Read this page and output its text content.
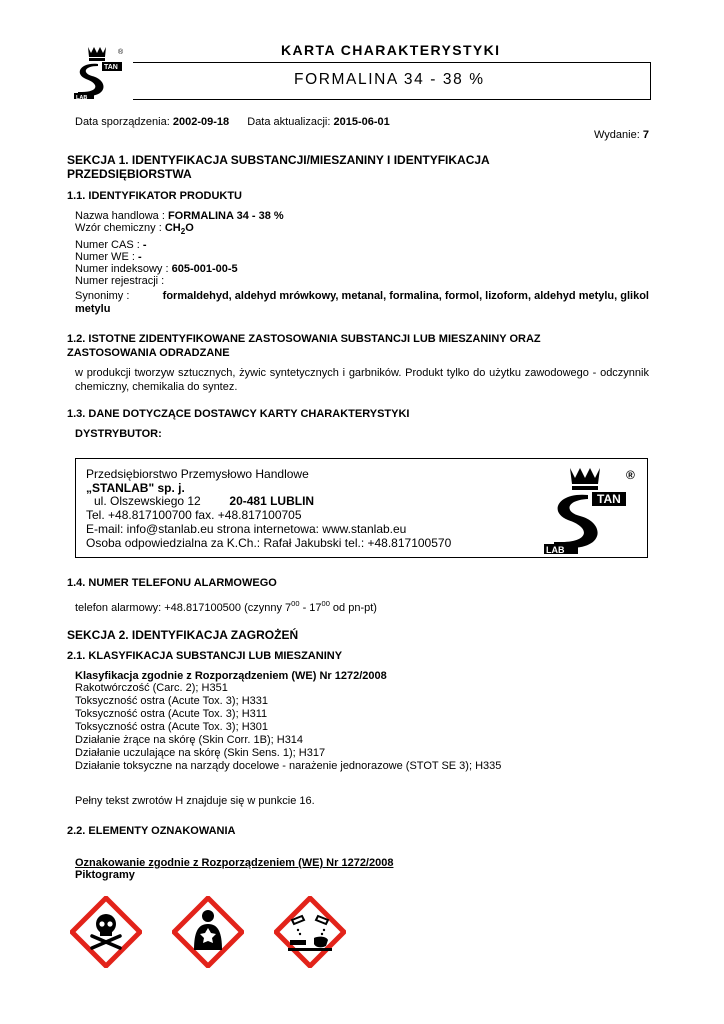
TAN
LAB
®	KARTA CHARAKTERYSTYKI
FORMALINA 34 - 38 %
Data sporządzenia: 2002-09-18 Data aktualizacji: 2015-06-01
Wydanie: 7
SEKCJA 1. IDENTYFIKACJA SUBSTANCJI/MIESZANINY I IDENTYFIKACJA
PRZEDSIĘBIORSTWA
1.1. IDENTYFIKATOR PRODUKTU
Nazwa handlowa : FORMALINA 34 - 38 %
Wzór chemiczny : $CH_2O$
Numer CAS : -
Numer WE : -
Numer indeksowy : 605-001-00-5
Numer rejestracji :
Synonimy :	formaldehyd, aldehyd mrówkowy, metanal, formalina, formol, lizoform, aldehyd metylu, glikol
metylu
1.2. ISTOTNE ZIDENTYFIKOWANE ZASTOSOWANIA SUBSTANCJI LUB MIESZANINY ORAZ
ZASTOSOWANIA ODRADZANE
w produkcji tworzyw sztucznych, żywic syntetycznych i garbników. Produkt tylko do użytku zawodowego - odczynnik
chemiczny, chemikalia do syntez.
1.3. DANE DOTYCZĄCE DOSTAWCY KARTY CHARAKTERYSTYKI
DYSTRYBUTOR:
Przedsiębiorstwo Przemysłowo Handlowe
„STANLAB" sp. j.
ul. Olszewskiego 12 20-481 LUBLIN
Tel. +48.817100700 fax. +48.817100705
E-mail: info@stanlab.eu strona internetowa: www.stanlab.eu
Osoba odpowiedzialna za K.Ch.: Rafał Jakubski tel.: +48.817100570
TAN
LAB
®
1.4. NUMER TELEFONU ALARMOWEGO
telefon alarmowy: +48.817100500 (czynny $7^{00} - 17^{00}$ od pn-pt)
SEKCJA 2. IDENTYFIKACJA ZAGROŻEŃ
2.1. KLASYFIKACJA SUBSTANCJI LUB MIESZANINY
Klasyfikacja zgodnie z Rozporządzeniem (WE) Nr 1272/2008
Rakotwórczość (Carc. 2); H351
Toksyczność ostra (Acute Tox. 3); H331
Toksyczność ostra (Acute Tox. 3); H311
Toksyczność ostra (Acute Tox. 3); H301
Działanie żrące na skórę (Skin Corr. 1B); H314
Działanie uczulające na skórę (Skin Sens. 1); H317
Działanie toksyczne na narządy docelowe - narażenie jednorazowe (STOT SE 3); H335
Pełny tekst zwrotów H znajduje się w punkcie 16.
2.2. ELEMENTY OZNAKOWANIA
Oznakowanie zgodnie z Rozporządzeniem (WE) Nr 1272/2008
Piktogramy
